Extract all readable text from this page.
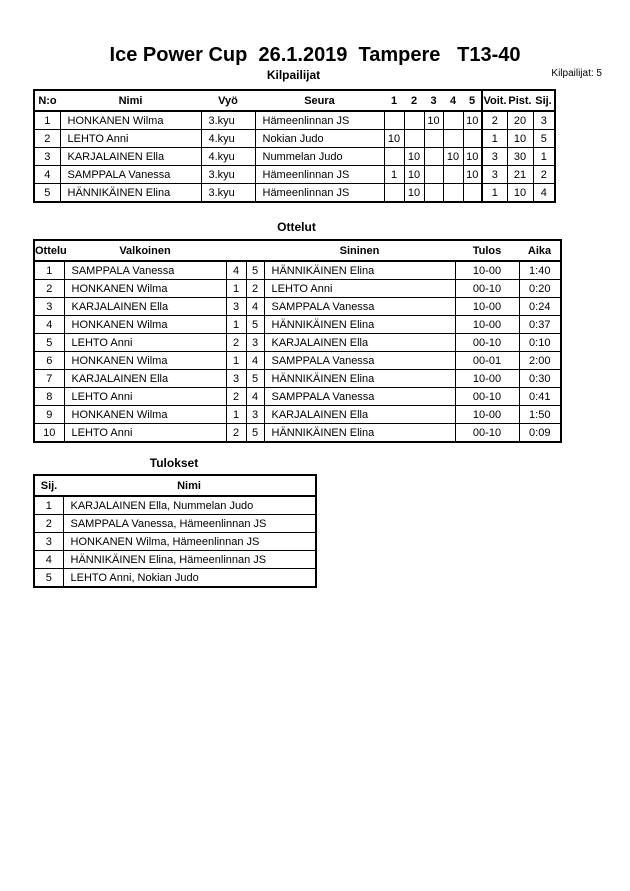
Ice Power Cup  26.1.2019  Tampere   T13-40
Kilpailijat	Kilpailijat: 5
N:o	Nimi	Vyö	Seura	1	2	3	4	5	Voit.	Pist.	Sij.
1	HONKANEN Wilma	3.kyu	Hämeenlinnan JS			10		10	2	20	3
2	LEHTO Anni	4.kyu	Nokian Judo	10					1	10	5
3	KARJALAINEN Ella	4.kyu	Nummelan Judo		10		10	10	3	30	1
4	SAMPPALA Vanessa	3.kyu	Hämeenlinnan JS	1	10			10	3	21	2
5	HÄNNIKÄINEN Elina	3.kyu	Hämeenlinnan JS		10				1	10	4
Ottelut
Ottelu	Valkoinen			Sininen	Tulos	Aika
1	SAMPPALA Vanessa	4	5	HÄNNIKÄINEN Elina	10-00	1:40
2	HONKANEN Wilma	1	2	LEHTO Anni	00-10	0:20
3	KARJALAINEN Ella	3	4	SAMPPALA Vanessa	10-00	0:24
4	HONKANEN Wilma	1	5	HÄNNIKÄINEN Elina	10-00	0:37
5	LEHTO Anni	2	3	KARJALAINEN Ella	00-10	0:10
6	HONKANEN Wilma	1	4	SAMPPALA Vanessa	00-01	2:00
7	KARJALAINEN Ella	3	5	HÄNNIKÄINEN Elina	10-00	0:30
8	LEHTO Anni	2	4	SAMPPALA Vanessa	00-10	0:41
9	HONKANEN Wilma	1	3	KARJALAINEN Ella	10-00	1:50
10	LEHTO Anni	2	5	HÄNNIKÄINEN Elina	00-10	0:09
Tulokset
Sij.	Nimi
1	KARJALAINEN Ella, Nummelan Judo
2	SAMPPALA Vanessa, Hämeenlinnan JS
3	HONKANEN Wilma, Hämeenlinnan JS
4	HÄNNIKÄINEN Elina, Hämeenlinnan JS
5	LEHTO Anni, Nokian Judo
